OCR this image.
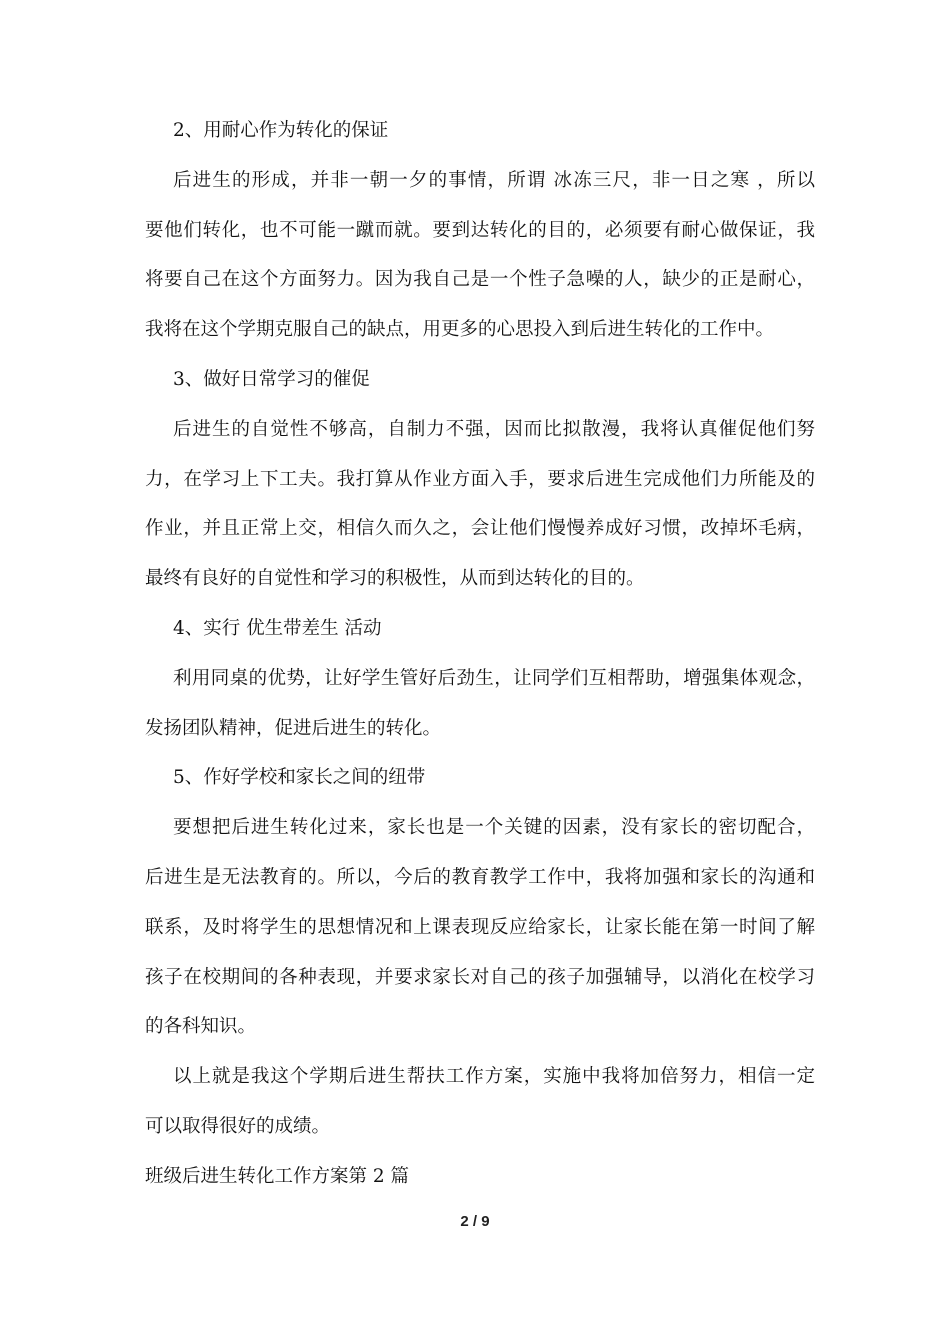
2、用耐心作为转化的保证
后进生的形成，并非一朝一夕的事情，所谓 冰冻三尺，非一日之寒 ，所以
要他们转化，也不可能一蹴而就。要到达转化的目的，必须要有耐心做保证，我
将要自己在这个方面努力。因为我自己是一个性子急噪的人，缺少的正是耐心，
我将在这个学期克服自己的缺点，用更多的心思投入到后进生转化的工作中。
3、做好日常学习的催促
后进生的自觉性不够高，自制力不强，因而比拟散漫，我将认真催促他们努
力，在学习上下工夫。我打算从作业方面入手，要求后进生完成他们力所能及的
作业，并且正常上交，相信久而久之，会让他们慢慢养成好习惯，改掉坏毛病，
最终有良好的自觉性和学习的积极性，从而到达转化的目的。
4、实行 优生带差生 活动
利用同桌的优势，让好学生管好后劲生，让同学们互相帮助，增强集体观念，
发扬团队精神，促进后进生的转化。
5、作好学校和家长之间的纽带
要想把后进生转化过来，家长也是一个关键的因素，没有家长的密切配合，
后进生是无法教育的。所以，今后的教育教学工作中，我将加强和家长的沟通和
联系，及时将学生的思想情况和上课表现反应给家长，让家长能在第一时间了解
孩子在校期间的各种表现，并要求家长对自己的孩子加强辅导，以消化在校学习
的各科知识。
以上就是我这个学期后进生帮扶工作方案，实施中我将加倍努力，相信一定
可以取得很好的成绩。
班级后进生转化工作方案第 2 篇
2 / 9
